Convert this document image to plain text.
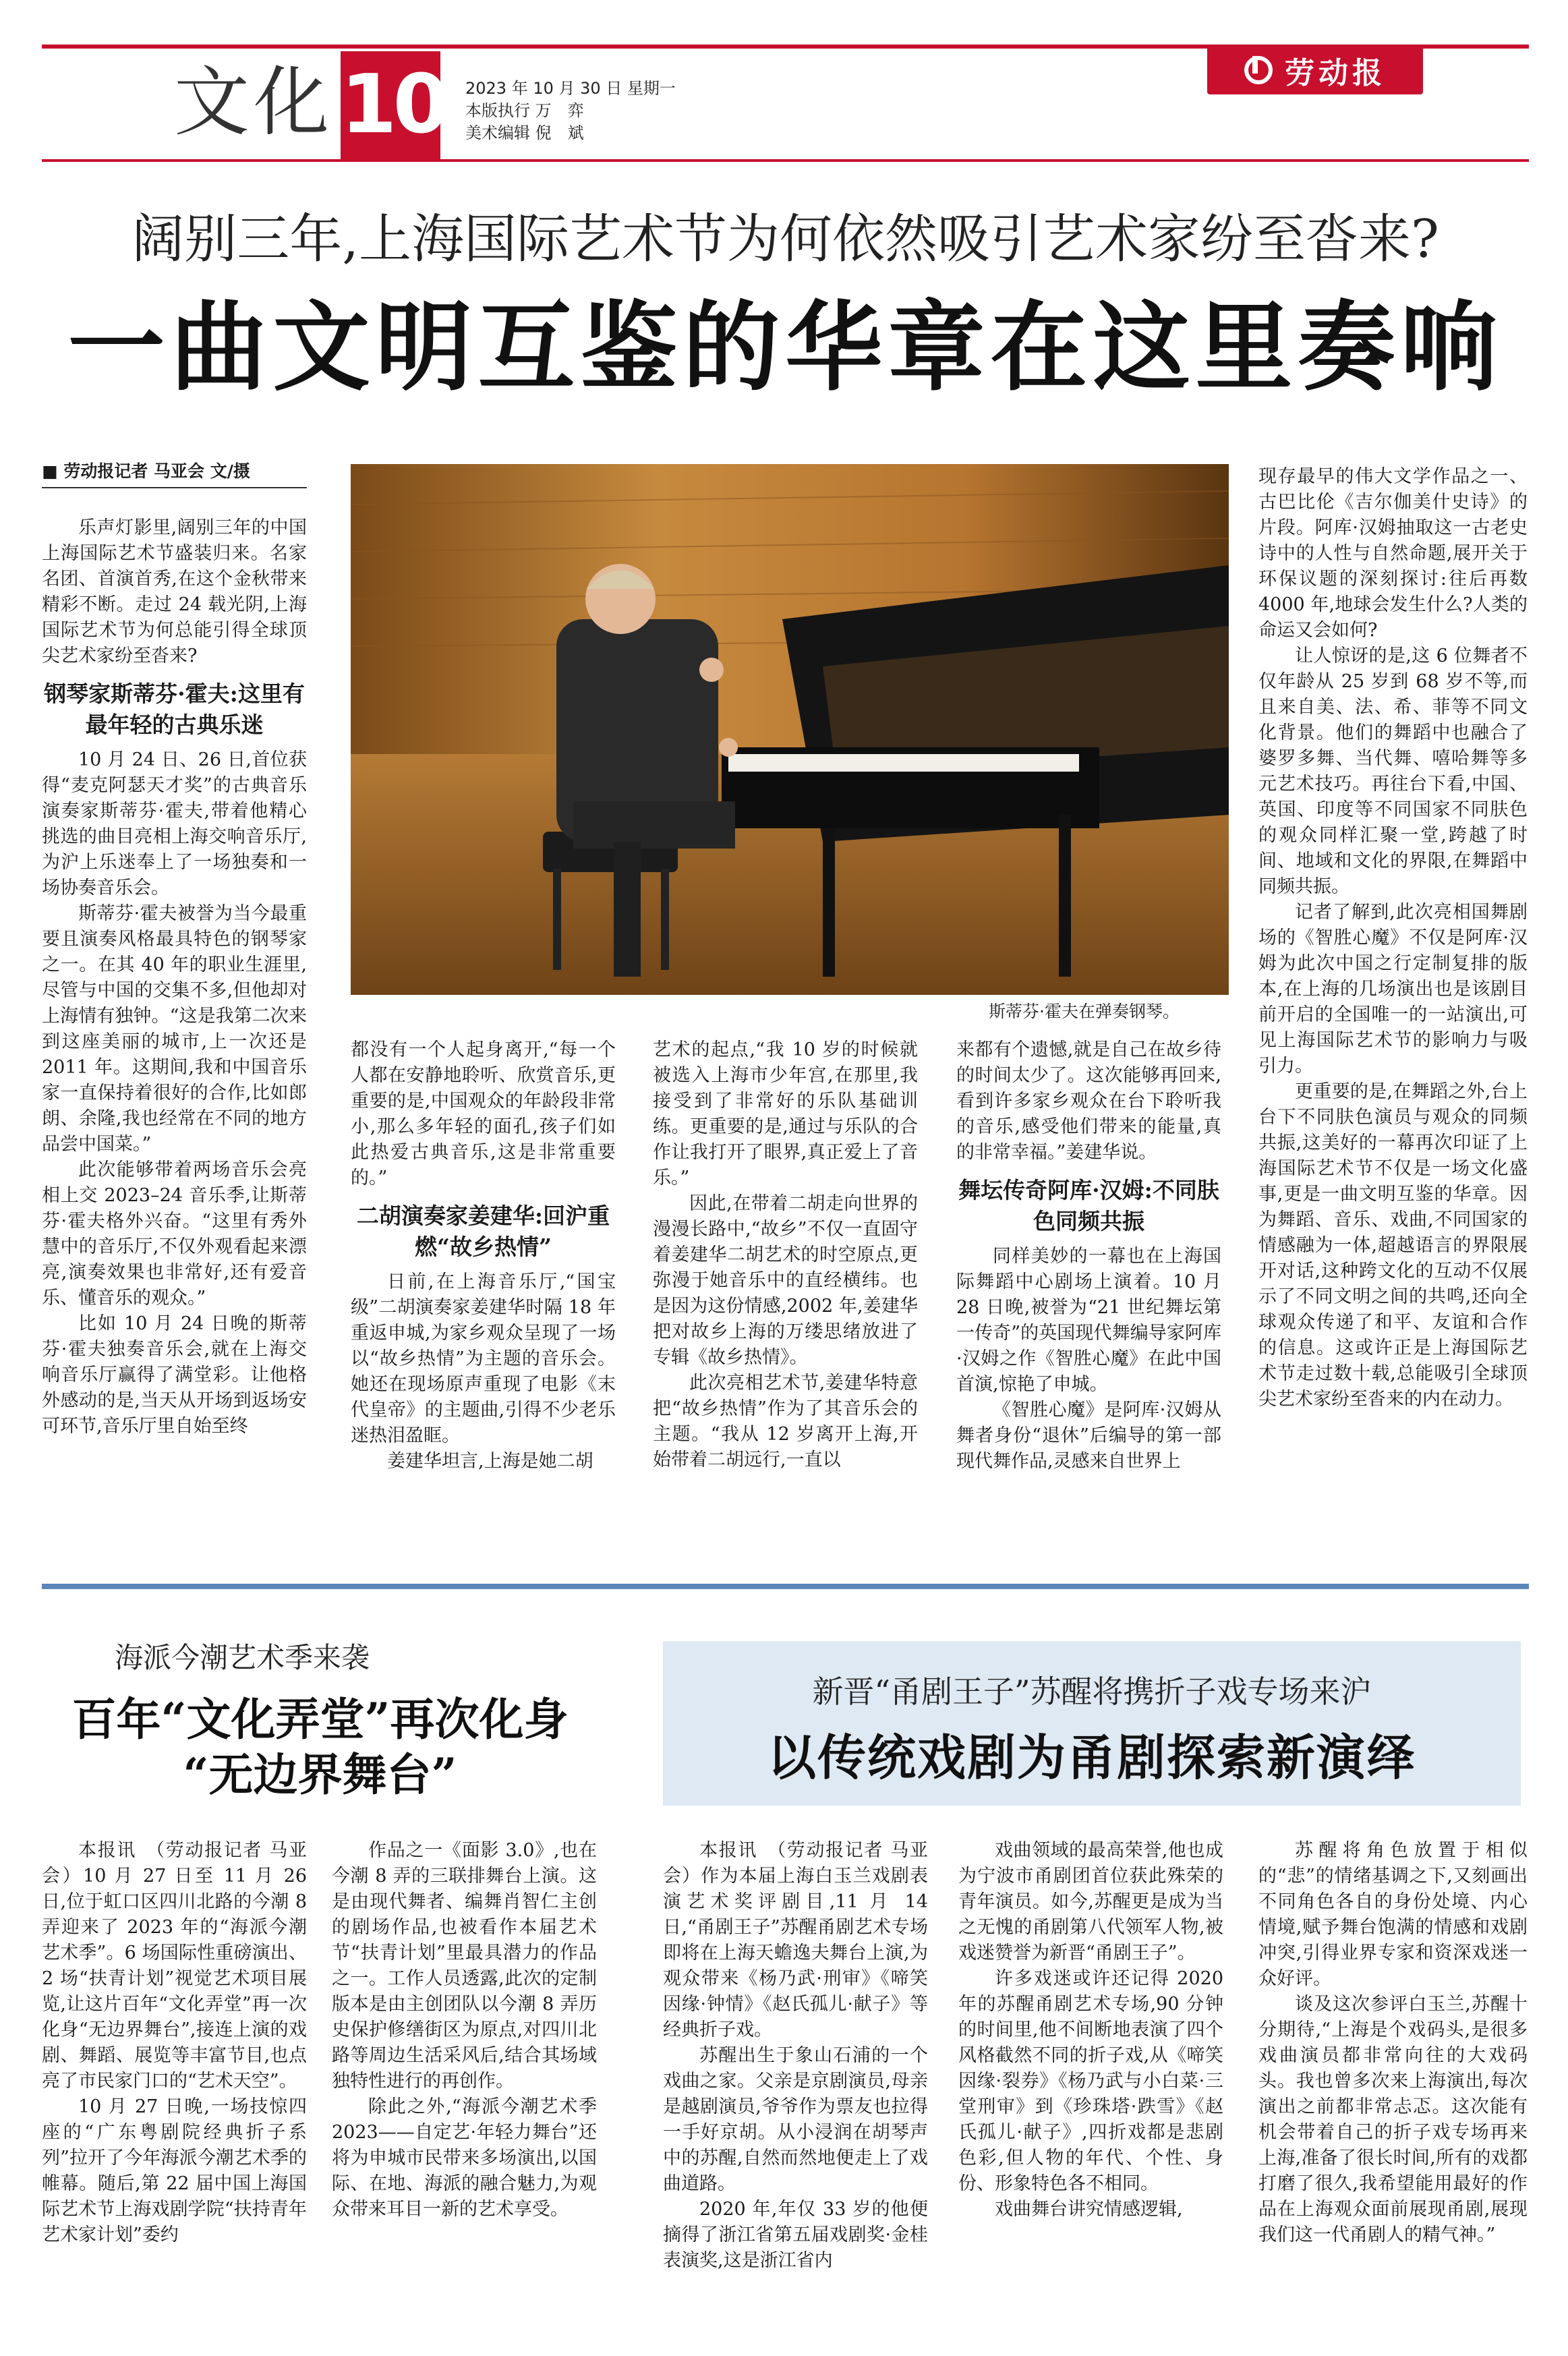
文化 10 2023 年 10 月 30 日 星期一
本版执行 万　弈
美术编辑 倪　斌
劳动报
阔别三年,上海国际艺术节为何依然吸引艺术家纷至沓来?
一曲文明互鉴的华章在这里奏响
■ 劳动报记者 马亚会 文/摄

乐声灯影里,阔别三年的中国上海国际艺术节盛装归来。名家名团、首演首秀,在这个金秋带来精彩不断。走过 24 载光阴,上海国际艺术节为何总能引得全球顶尖艺术家纷至沓来?

钢琴家斯蒂芬·霍夫:这里有最年轻的古典乐迷

10 月 24 日、26 日,首位获得“麦克阿瑟天才奖”的古典音乐演奏家斯蒂芬·霍夫,带着他精心挑选的曲目亮相上海交响音乐厅,为沪上乐迷奉上了一场独奏和一场协奏音乐会。

斯蒂芬·霍夫被誉为当今最重要且演奏风格最具特色的钢琴家之一。在其 40 年的职业生涯里,尽管与中国的交集不多,但他却对上海情有独钟。“这是我第二次来到这座美丽的城市,上一次还是 2011 年。这期间,我和中国音乐家一直保持着很好的合作,比如郎朗、余隆,我也经常在不同的地方品尝中国菜。”

此次能够带着两场音乐会亮相上交 2023–24 音乐季,让斯蒂芬·霍夫格外兴奋。“这里有秀外慧中的音乐厅,不仅外观看起来漂亮,演奏效果也非常好,还有爱音乐、懂音乐的观众。”

比如 10 月 24 日晚的斯蒂芬·霍夫独奏音乐会,就在上海交响音乐厅赢得了满堂彩。让他格外感动的是,当天从开场到返场安可环节,音乐厅里自始至终

斯蒂芬·霍夫在弹奏钢琴。

都没有一个人起身离开,“每一个人都在安静地聆听、欣赏音乐,更重要的是,中国观众的年龄段非常小,那么多年轻的面孔,孩子们如此热爱古典音乐,这是非常重要的。”

二胡演奏家姜建华:回沪重燃“故乡热情”

日前,在上海音乐厅,“国宝级”二胡演奏家姜建华时隔 18 年重返申城,为家乡观众呈现了一场以“故乡热情”为主题的音乐会。她还在现场原声重现了电影《末代皇帝》的主题曲,引得不少老乐迷热泪盈眶。

姜建华坦言,上海是她二胡

艺术的起点,“我 10 岁的时候就被选入上海市少年宫,在那里,我接受到了非常好的乐队基础训练。更重要的是,通过与乐队的合作让我打开了眼界,真正爱上了音乐。”

因此,在带着二胡走向世界的漫漫长路中,“故乡”不仅一直固守着姜建华二胡艺术的时空原点,更弥漫于她音乐中的直经横纬。也是因为这份情感,2002 年,姜建华把对故乡上海的万缕思绪放进了专辑《故乡热情》。

此次亮相艺术节,姜建华特意把“故乡热情”作为了其音乐会的主题。“我从 12 岁离开上海,开始带着二胡远行,一直以

来都有个遗憾,就是自己在故乡待的时间太少了。这次能够再回来,看到许多家乡观众在台下聆听我的音乐,感受他们带来的能量,真的非常幸福。”姜建华说。

舞坛传奇阿库·汉姆:不同肤色同频共振

同样美妙的一幕也在上海国际舞蹈中心剧场上演着。10 月 28 日晚,被誉为“21 世纪舞坛第一传奇”的英国现代舞编导家阿库·汉姆之作《智胜心魔》在此中国首演,惊艳了申城。

《智胜心魔》是阿库·汉姆从舞者身份“退休”后编导的第一部现代舞作品,灵感来自世界上

现存最早的伟大文学作品之一、古巴比伦《吉尔伽美什史诗》的片段。阿库·汉姆抽取这一古老史诗中的人性与自然命题,展开关于环保议题的深刻探讨:往后再数 4000 年,地球会发生什么?人类的命运又会如何?

让人惊讶的是,这 6 位舞者不仅年龄从 25 岁到 68 岁不等,而且来自美、法、希、菲等不同文化背景。他们的舞蹈中也融合了婆罗多舞、当代舞、嘻哈舞等多元艺术技巧。再往台下看,中国、英国、印度等不同国家不同肤色的观众同样汇聚一堂,跨越了时间、地域和文化的界限,在舞蹈中同频共振。

记者了解到,此次亮相国舞剧场的《智胜心魔》不仅是阿库·汉姆为此次中国之行定制复排的版本,在上海的几场演出也是该剧目前开启的全国唯一的一站演出,可见上海国际艺术节的影响力与吸引力。

更重要的是,在舞蹈之外,台上台下不同肤色演员与观众的同频共振,这美好的一幕再次印证了上海国际艺术节不仅是一场文化盛事,更是一曲文明互鉴的华章。因为舞蹈、音乐、戏曲,不同国家的情感融为一体,超越语言的界限展开对话,这种跨文化的互动不仅展示了不同文明之间的共鸣,还向全球观众传递了和平、友谊和合作的信息。这或许正是上海国际艺术节走过数十载,总能吸引全球顶尖艺术家纷至沓来的内在动力。

海派今潮艺术季来袭
百年“文化弄堂”再次化身
“无边界舞台”

本报讯　（劳动报记者 马亚会）10 月 27 日至 11 月 26 日,位于虹口区四川北路的今潮 8 弄迎来了 2023 年的“海派今潮艺术季”。6 场国际性重磅演出、2 场“扶青计划”视觉艺术项目展览,让这片百年“文化弄堂”再一次化身“无边界舞台”,接连上演的戏剧、舞蹈、展览等丰富节目,也点亮了市民家门口的“艺术天空”。

10 月 27 日晚,一场技惊四座的“广东粤剧院经典折子系列”拉开了今年海派今潮艺术季的帷幕。随后,第 22 届中国上海国际艺术节上海戏剧学院“扶持青年艺术家计划”委约

作品之一《面影 3.0》,也在今潮 8 弄的三联排舞台上演。这是由现代舞者、编舞肖智仁主创的剧场作品,也被看作本届艺术节“扶青计划”里最具潜力的作品之一。工作人员透露,此次的定制版本是由主创团队以今潮 8 弄历史保护修缮街区为原点,对四川北路等周边生活采风后,结合其场域独特性进行的再创作。

除此之外,“海派今潮艺术季 2023——自定艺·年轻力舞台”还将为申城市民带来多场演出,以国际、在地、海派的融合魅力,为观众带来耳目一新的艺术享受。

新晋“甬剧王子”苏醒将携折子戏专场来沪
以传统戏剧为甬剧探索新演绎

本报讯　（劳动报记者 马亚会）作为本届上海白玉兰戏剧表演艺术奖评剧目,11 月 14 日,“甬剧王子”苏醒甬剧艺术专场即将在上海天蟾逸夫舞台上演,为观众带来《杨乃武·刑审》《啼笑因缘·钟情》《赵氏孤儿·献子》等经典折子戏。

苏醒出生于象山石浦的一个戏曲之家。父亲是京剧演员,母亲是越剧演员,爷爷作为票友也拉得一手好京胡。从小浸润在胡琴声中的苏醒,自然而然地便走上了戏曲道路。

2020 年,年仅 33 岁的他便摘得了浙江省第五届戏剧奖·金桂表演奖,这是浙江省内

戏曲领域的最高荣誉,他也成为宁波市甬剧团首位获此殊荣的青年演员。如今,苏醒更是成为当之无愧的甬剧第八代领军人物,被戏迷赞誉为新晋“甬剧王子”。

许多戏迷或许还记得 2020 年的苏醒甬剧艺术专场,90 分钟的时间里,他不间断地表演了四个风格截然不同的折子戏,从《啼笑因缘·裂券》《杨乃武与小白菜·三堂刑审》到《珍珠塔·跌雪》《赵氏孤儿·献子》,四折戏都是悲剧色彩,但人物的年代、个性、身份、形象特色各不相同。

戏曲舞台讲究情感逻辑,

苏醒将角色放置于相似的“悲”的情绪基调之下,又刻画出不同角色各自的身份处境、内心情境,赋予舞台饱满的情感和戏剧冲突,引得业界专家和资深戏迷一众好评。

谈及这次参评白玉兰,苏醒十分期待,“上海是个戏码头,是很多戏曲演员都非常向往的大戏码头。我也曾多次来上海演出,每次演出之前都非常忐忑。这次能有机会带着自己的折子戏专场再来上海,准备了很长时间,所有的戏都打磨了很久,我希望能用最好的作品在上海观众面前展现甬剧,展现我们这一代甬剧人的精气神。”
